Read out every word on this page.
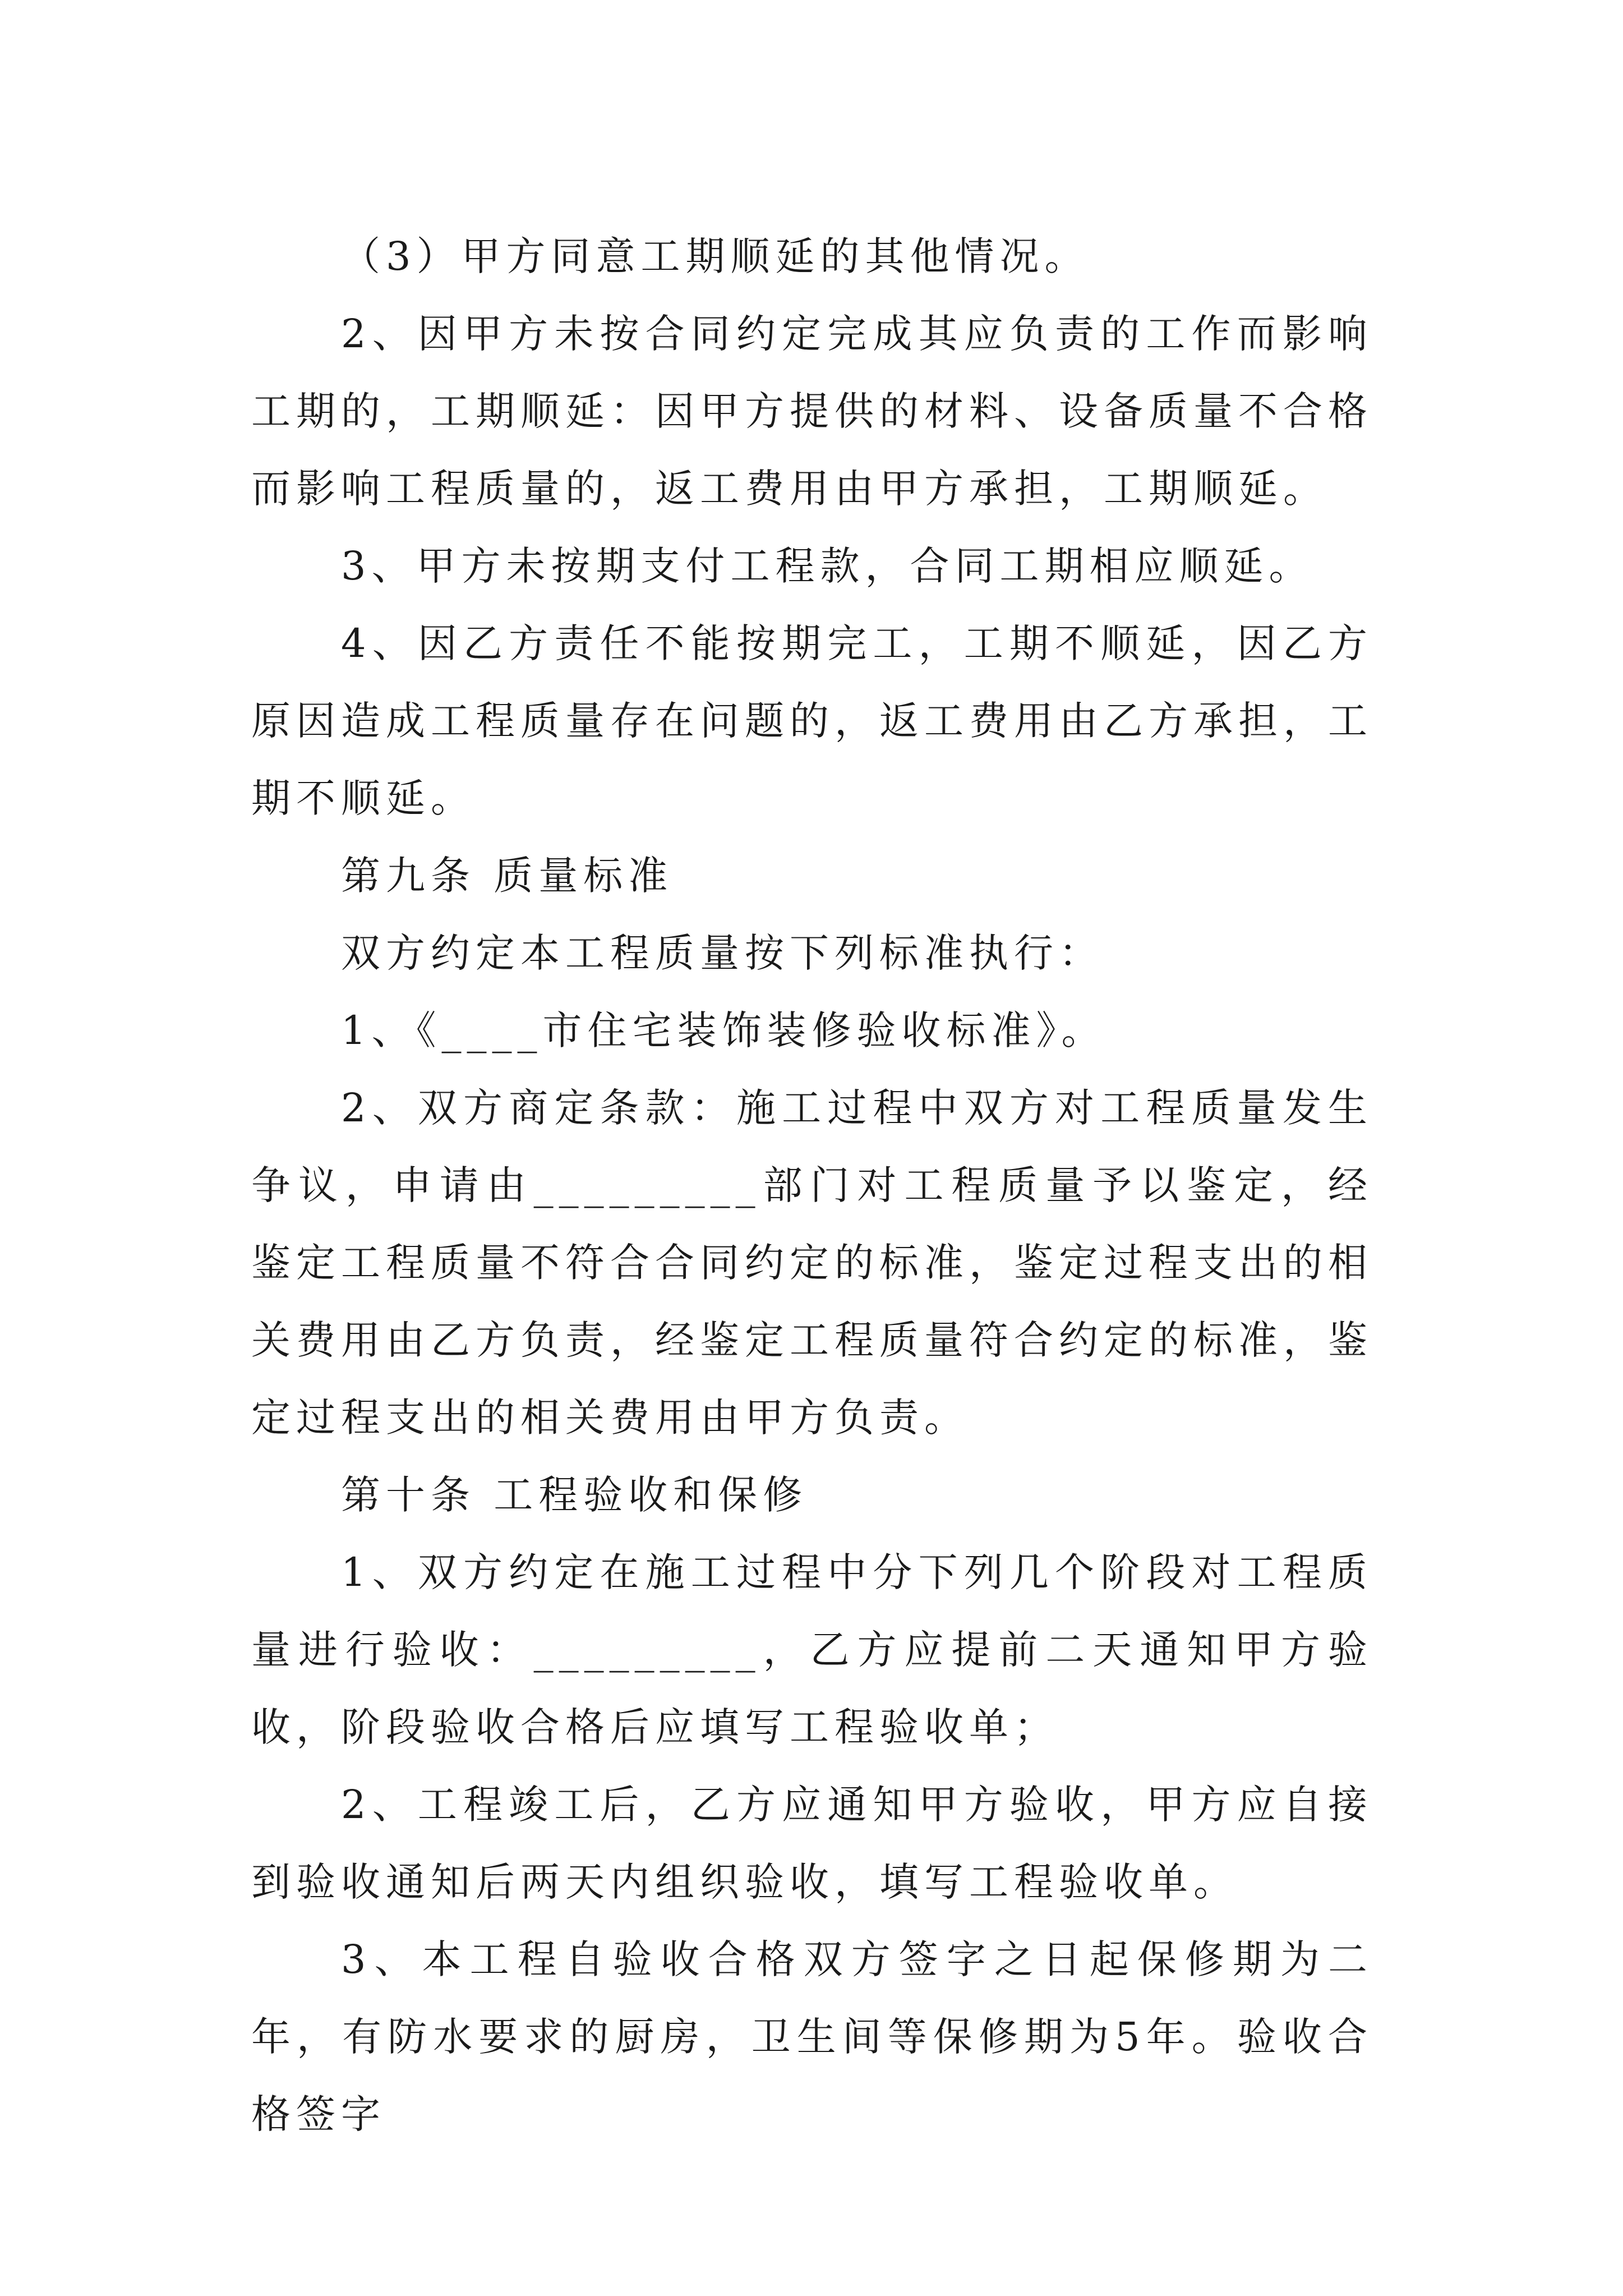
（3）甲方同意工期顺延的其他情况。

2、因甲方未按合同约定完成其应负责的工作而影响工期的，工期顺延：因甲方提供的材料、设备质量不合格而影响工程质量的，返工费用由甲方承担，工期顺延。

3、甲方未按期支付工程款，合同工期相应顺延。

4、因乙方责任不能按期完工，工期不顺延，因乙方原因造成工程质量存在问题的，返工费用由乙方承担，工期不顺延。

第九条 质量标准

双方约定本工程质量按下列标准执行：

1、《____市住宅装饰装修验收标准》。

2、双方商定条款：施工过程中双方对工程质量发生争议，申请由_________部门对工程质量予以鉴定，经鉴定工程质量不符合合同约定的标准，鉴定过程支出的相关费用由乙方负责，经鉴定工程质量符合约定的标准，鉴定过程支出的相关费用由甲方负责。

第十条 工程验收和保修

1、双方约定在施工过程中分下列几个阶段对工程质量进行验收：_________，乙方应提前二天通知甲方验收，阶段验收合格后应填写工程验收单；

2、工程竣工后，乙方应通知甲方验收，甲方应自接到验收通知后两天内组织验收，填写工程验收单。

3、本工程自验收合格双方签字之日起保修期为二年，有防水要求的厨房，卫生间等保修期为5年。验收合格签字
